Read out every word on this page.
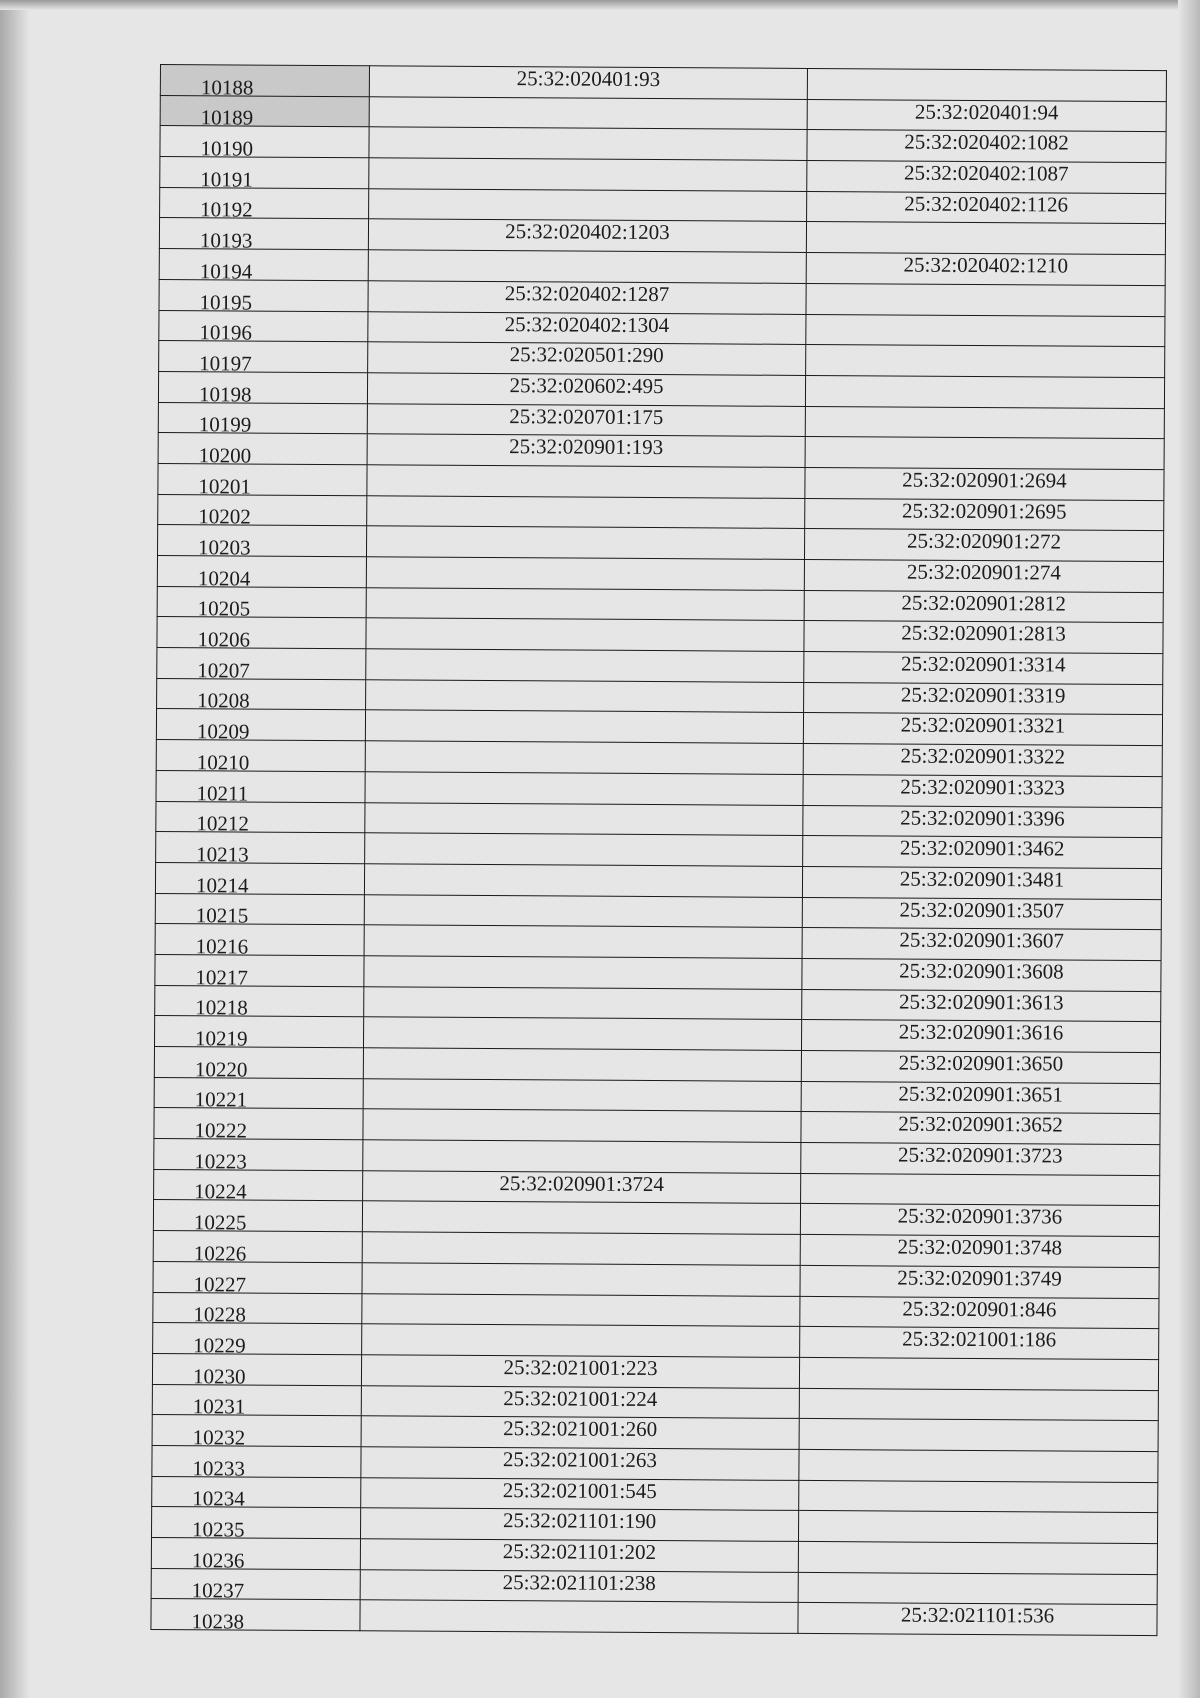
10188	25:32:020401:93	
10189		25:32:020401:94
10190		25:32:020402:1082
10191		25:32:020402:1087
10192		25:32:020402:1126
10193	25:32:020402:1203	
10194		25:32:020402:1210
10195	25:32:020402:1287	
10196	25:32:020402:1304	
10197	25:32:020501:290	
10198	25:32:020602:495	
10199	25:32:020701:175	
10200	25:32:020901:193	
10201		25:32:020901:2694
10202		25:32:020901:2695
10203		25:32:020901:272
10204		25:32:020901:274
10205		25:32:020901:2812
10206		25:32:020901:2813
10207		25:32:020901:3314
10208		25:32:020901:3319
10209		25:32:020901:3321
10210		25:32:020901:3322
10211		25:32:020901:3323
10212		25:32:020901:3396
10213		25:32:020901:3462
10214		25:32:020901:3481
10215		25:32:020901:3507
10216		25:32:020901:3607
10217		25:32:020901:3608
10218		25:32:020901:3613
10219		25:32:020901:3616
10220		25:32:020901:3650
10221		25:32:020901:3651
10222		25:32:020901:3652
10223		25:32:020901:3723
10224	25:32:020901:3724	
10225		25:32:020901:3736
10226		25:32:020901:3748
10227		25:32:020901:3749
10228		25:32:020901:846
10229		25:32:021001:186
10230	25:32:021001:223	
10231	25:32:021001:224	
10232	25:32:021001:260	
10233	25:32:021001:263	
10234	25:32:021001:545	
10235	25:32:021101:190	
10236	25:32:021101:202	
10237	25:32:021101:238	
10238		25:32:021101:536
